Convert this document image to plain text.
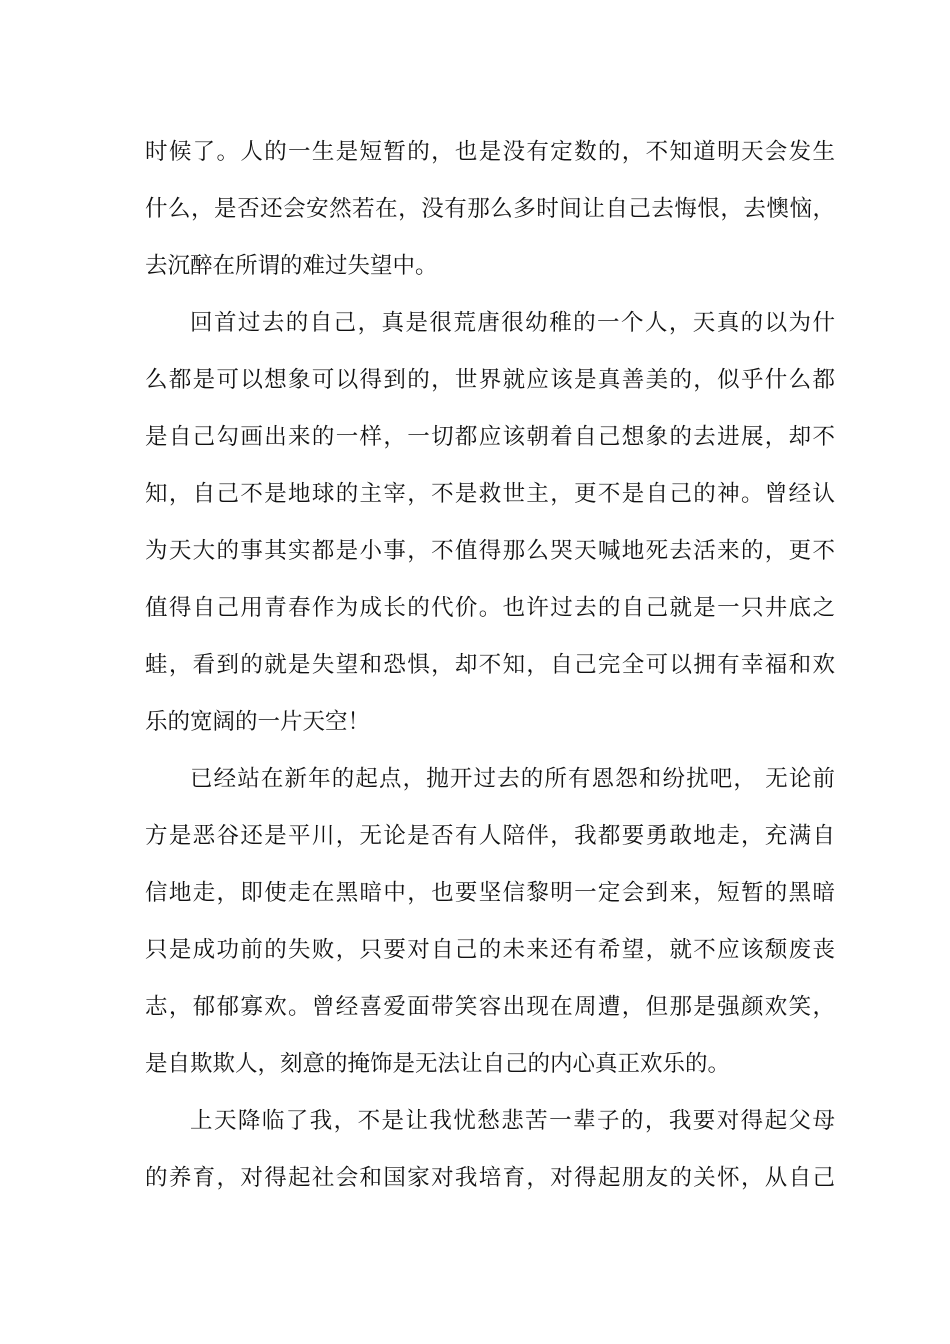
时候了。人的一生是短暂的，也是没有定数的，不知道明天会发生
什么，是否还会安然若在，没有那么多时间让自己去悔恨，去懊恼，
去沉醉在所谓的难过失望中。
回首过去的自己，真是很荒唐很幼稚的一个人，天真的以为什
么都是可以想象可以得到的，世界就应该是真善美的，似乎什么都
是自己勾画出来的一样，一切都应该朝着自己想象的去进展，却不
知，自己不是地球的主宰，不是救世主，更不是自己的神。曾经认
为天大的事其实都是小事，不值得那么哭天喊地死去活来的，更不
值得自己用青春作为成长的代价。也许过去的自己就是一只井底之
蛙，看到的就是失望和恐惧，却不知，自己完全可以拥有幸福和欢
乐的宽阔的一片天空！
已经站在新年的起点，抛开过去的所有恩怨和纷扰吧， 无论前
方是恶谷还是平川，无论是否有人陪伴，我都要勇敢地走，充满自
信地走，即使走在黑暗中，也要坚信黎明一定会到来，短暂的黑暗
只是成功前的失败，只要对自己的未来还有希望，就不应该颓废丧
志，郁郁寡欢。曾经喜爱面带笑容出现在周遭，但那是强颜欢笑，
是自欺欺人，刻意的掩饰是无法让自己的内心真正欢乐的。
上天降临了我，不是让我忧愁悲苦一辈子的，我要对得起父母
的养育，对得起社会和国家对我培育，对得起朋友的关怀，从自己
